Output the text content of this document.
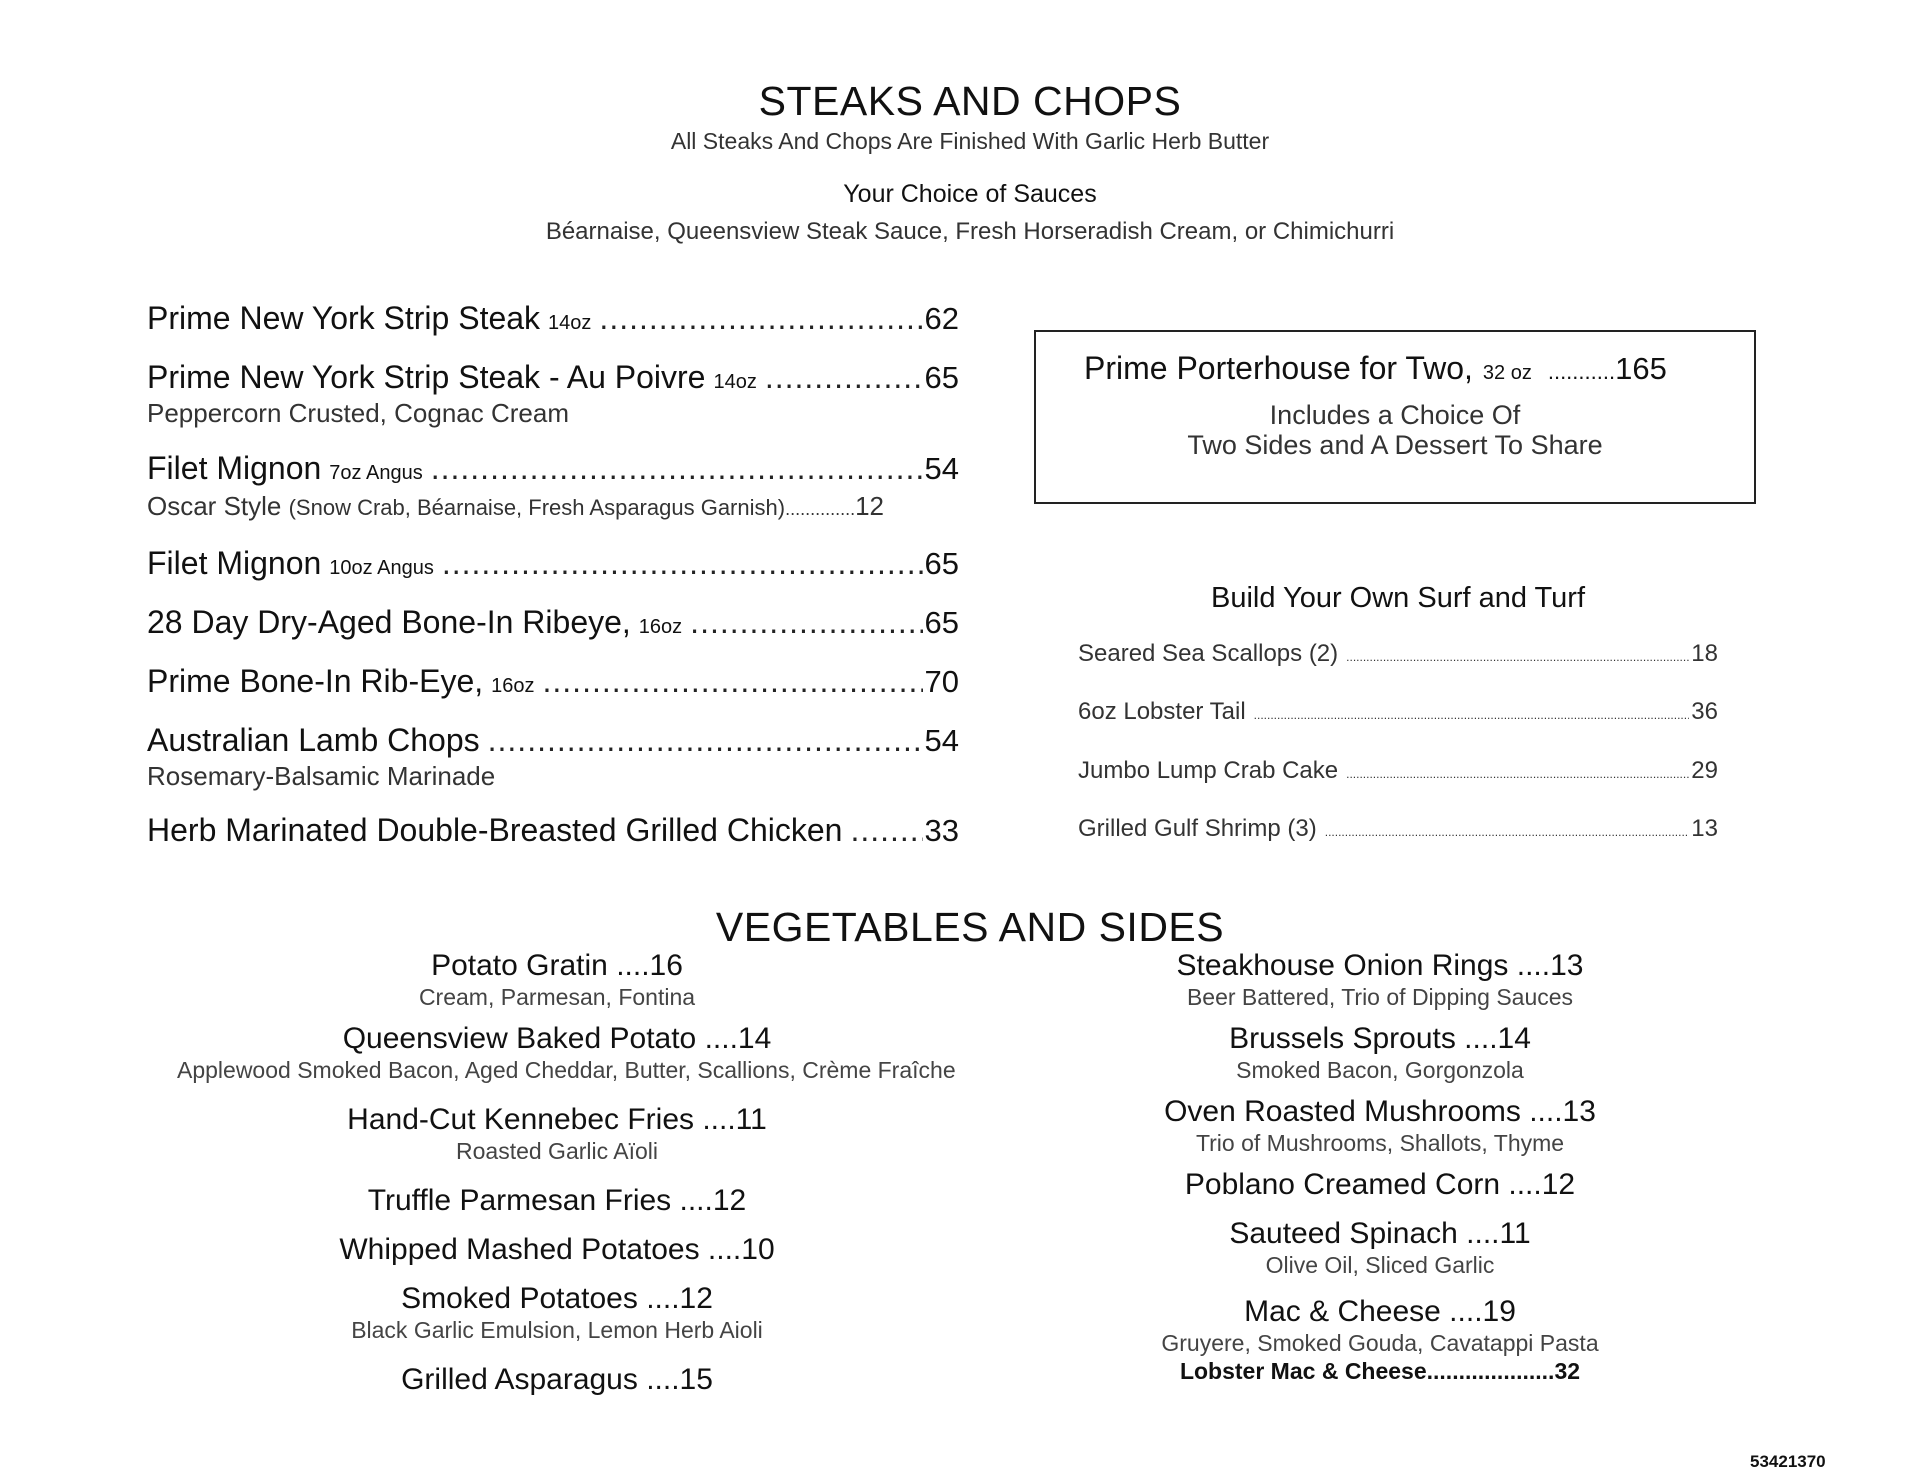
STEAKS AND CHOPS
All Steaks And Chops Are Finished With Garlic Herb Butter
Your Choice of Sauces
Béarnaise, Queensview Steak Sauce, Fresh Horseradish Cream, or Chimichurri
Prime New York Strip Steak 14oz .....	62
Prime New York Strip Steak - Au Poivre 14oz .....	65
Peppercorn Crusted, Cognac Cream
Filet Mignon 7oz Angus .....	54
Oscar Style
(Snow Crab, Béarnaise, Fresh Asparagus Garnish) .....	12
Filet Mignon 10oz Angus .....	65
28 Day Dry-Aged Bone-In Ribeye, 16oz .....	65
Prime Bone-In Rib-Eye, 16oz .....	70
Australian Lamb Chops .....	54
Rosemary-Balsamic Marinade
Herb Marinated Double-Breasted Grilled Chicken .....	33
Prime Porterhouse for Two, 32 oz ........... 165
Includes a Choice Of
Two Sides and A Dessert To Share
Build Your Own Surf and Turf
Seared Sea Scallops (2) .....	18
6oz Lobster Tail .....	36
Jumbo Lump Crab Cake .....	29
Grilled Gulf Shrimp (3) .....	13
VEGETABLES AND SIDES
Potato Gratin ....16
Cream, Parmesan, Fontina
Queensview Baked Potato ....14
Applewood Smoked Bacon, Aged Cheddar, Butter, Scallions, Crème Fraîche
Hand-Cut Kennebec Fries ....11
Roasted Garlic Aïoli
Truffle Parmesan Fries ....12
Whipped Mashed Potatoes ....10
Smoked Potatoes ....12
Black Garlic Emulsion, Lemon Herb Aioli
Grilled Asparagus ....15
Steakhouse Onion Rings ....13
Beer Battered, Trio of Dipping Sauces
Brussels Sprouts ....14
Smoked Bacon, Gorgonzola
Oven Roasted Mushrooms ....13
Trio of Mushrooms, Shallots, Thyme
Poblano Creamed Corn ....12
Sauteed Spinach ....11
Olive Oil, Sliced Garlic
Mac & Cheese ....19
Gruyere, Smoked Gouda, Cavatappi Pasta
Lobster Mac & Cheese....................32
53421370
